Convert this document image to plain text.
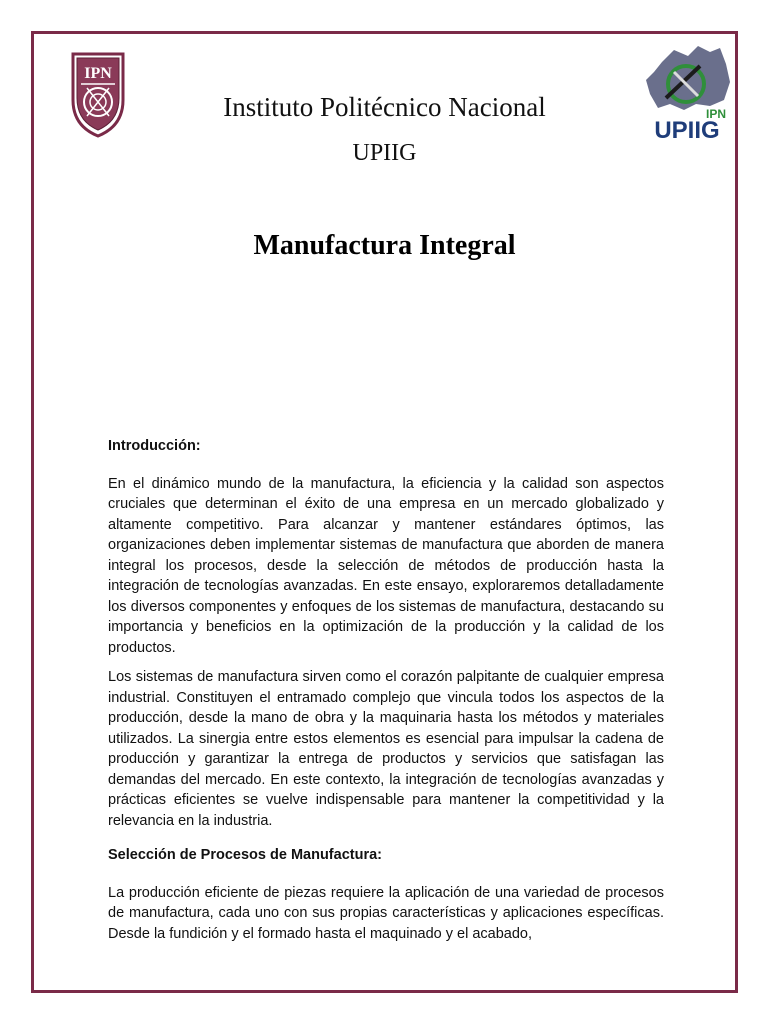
IPN
IPN
UPIIG
Instituto Politécnico Nacional
UPIIG
Manufactura Integral
Introducción:

En el dinámico mundo de la manufactura, la eficiencia y la calidad son aspectos cruciales que determinan el éxito de una empresa en un mercado globalizado y altamente competitivo. Para alcanzar y mantener estándares óptimos, las organizaciones deben implementar sistemas de manufactura que aborden de manera integral los procesos, desde la selección de métodos de producción hasta la integración de tecnologías avanzadas. En este ensayo, exploraremos detalladamente los diversos componentes y enfoques de los sistemas de manufactura, destacando su importancia y beneficios en la optimización de la producción y la calidad de los productos.

Los sistemas de manufactura sirven como el corazón palpitante de cualquier empresa industrial. Constituyen el entramado complejo que vincula todos los aspectos de la producción, desde la mano de obra y la maquinaria hasta los métodos y materiales utilizados. La sinergia entre estos elementos es esencial para impulsar la cadena de producción y garantizar la entrega de productos y servicios que satisfagan las demandas del mercado. En este contexto, la integración de tecnologías avanzadas y prácticas eficientes se vuelve indispensable para mantener la competitividad y la relevancia en la industria.

Selección de Procesos de Manufactura:

La producción eficiente de piezas requiere la aplicación de una variedad de procesos de manufactura, cada uno con sus propias características y aplicaciones específicas. Desde la fundición y el formado hasta el maquinado y el acabado,
